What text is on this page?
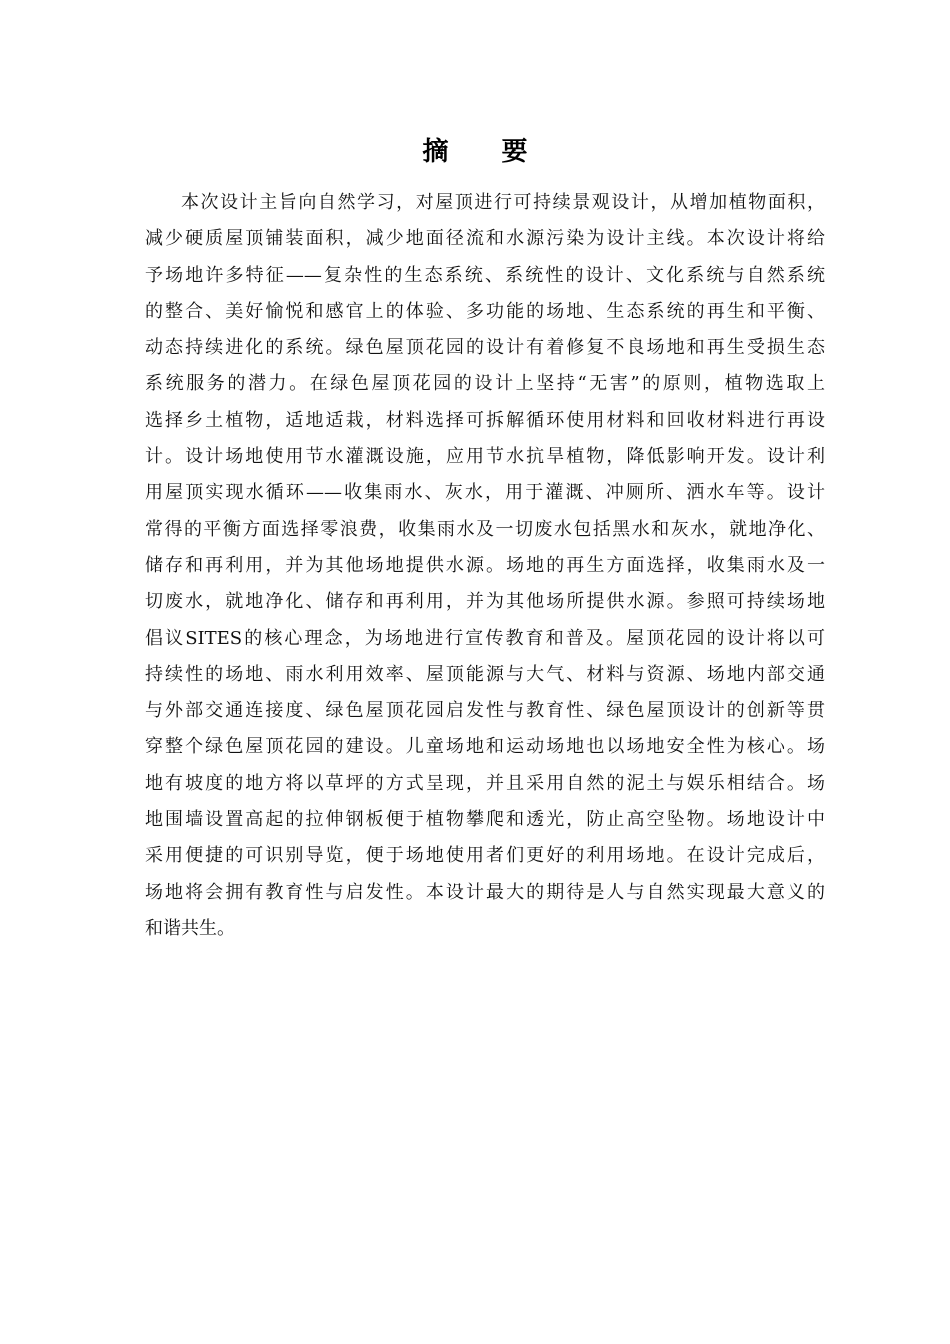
摘 要
本次设计主旨向自然学习，对屋顶进行可持续景观设计，从增加植物面积，
减少硬质屋顶铺装面积，减少地面径流和水源污染为设计主线。本次设计将给
予场地许多特征——复杂性的生态系统、系统性的设计、文化系统与自然系统
的整合、美好愉悦和感官上的体验、多功能的场地、生态系统的再生和平衡、
动态持续进化的系统。绿色屋顶花园的设计有着修复不良场地和再生受损生态
系统服务的潜力。在绿色屋顶花园的设计上坚持“无害”的原则，植物选取上
选择乡土植物，适地适栽，材料选择可拆解循环使用材料和回收材料进行再设
计。设计场地使用节水灌溉设施，应用节水抗旱植物，降低影响开发。设计利
用屋顶实现水循环——收集雨水、灰水，用于灌溉、冲厕所、洒水车等。设计
常得的平衡方面选择零浪费，收集雨水及一切废水包括黑水和灰水，就地净化、
储存和再利用，并为其他场地提供水源。场地的再生方面选择，收集雨水及一
切废水，就地净化、储存和再利用，并为其他场所提供水源。参照可持续场地
倡议SITES的核心理念，为场地进行宣传教育和普及。屋顶花园的设计将以可
持续性的场地、雨水利用效率、屋顶能源与大气、材料与资源、场地内部交通
与外部交通连接度、绿色屋顶花园启发性与教育性、绿色屋顶设计的创新等贯
穿整个绿色屋顶花园的建设。儿童场地和运动场地也以场地安全性为核心。场
地有坡度的地方将以草坪的方式呈现，并且采用自然的泥土与娱乐相结合。场
地围墙设置高起的拉伸钢板便于植物攀爬和透光，防止高空坠物。场地设计中
采用便捷的可识别导览，便于场地使用者们更好的利用场地。在设计完成后，
场地将会拥有教育性与启发性。本设计最大的期待是人与自然实现最大意义的
和谐共生。
